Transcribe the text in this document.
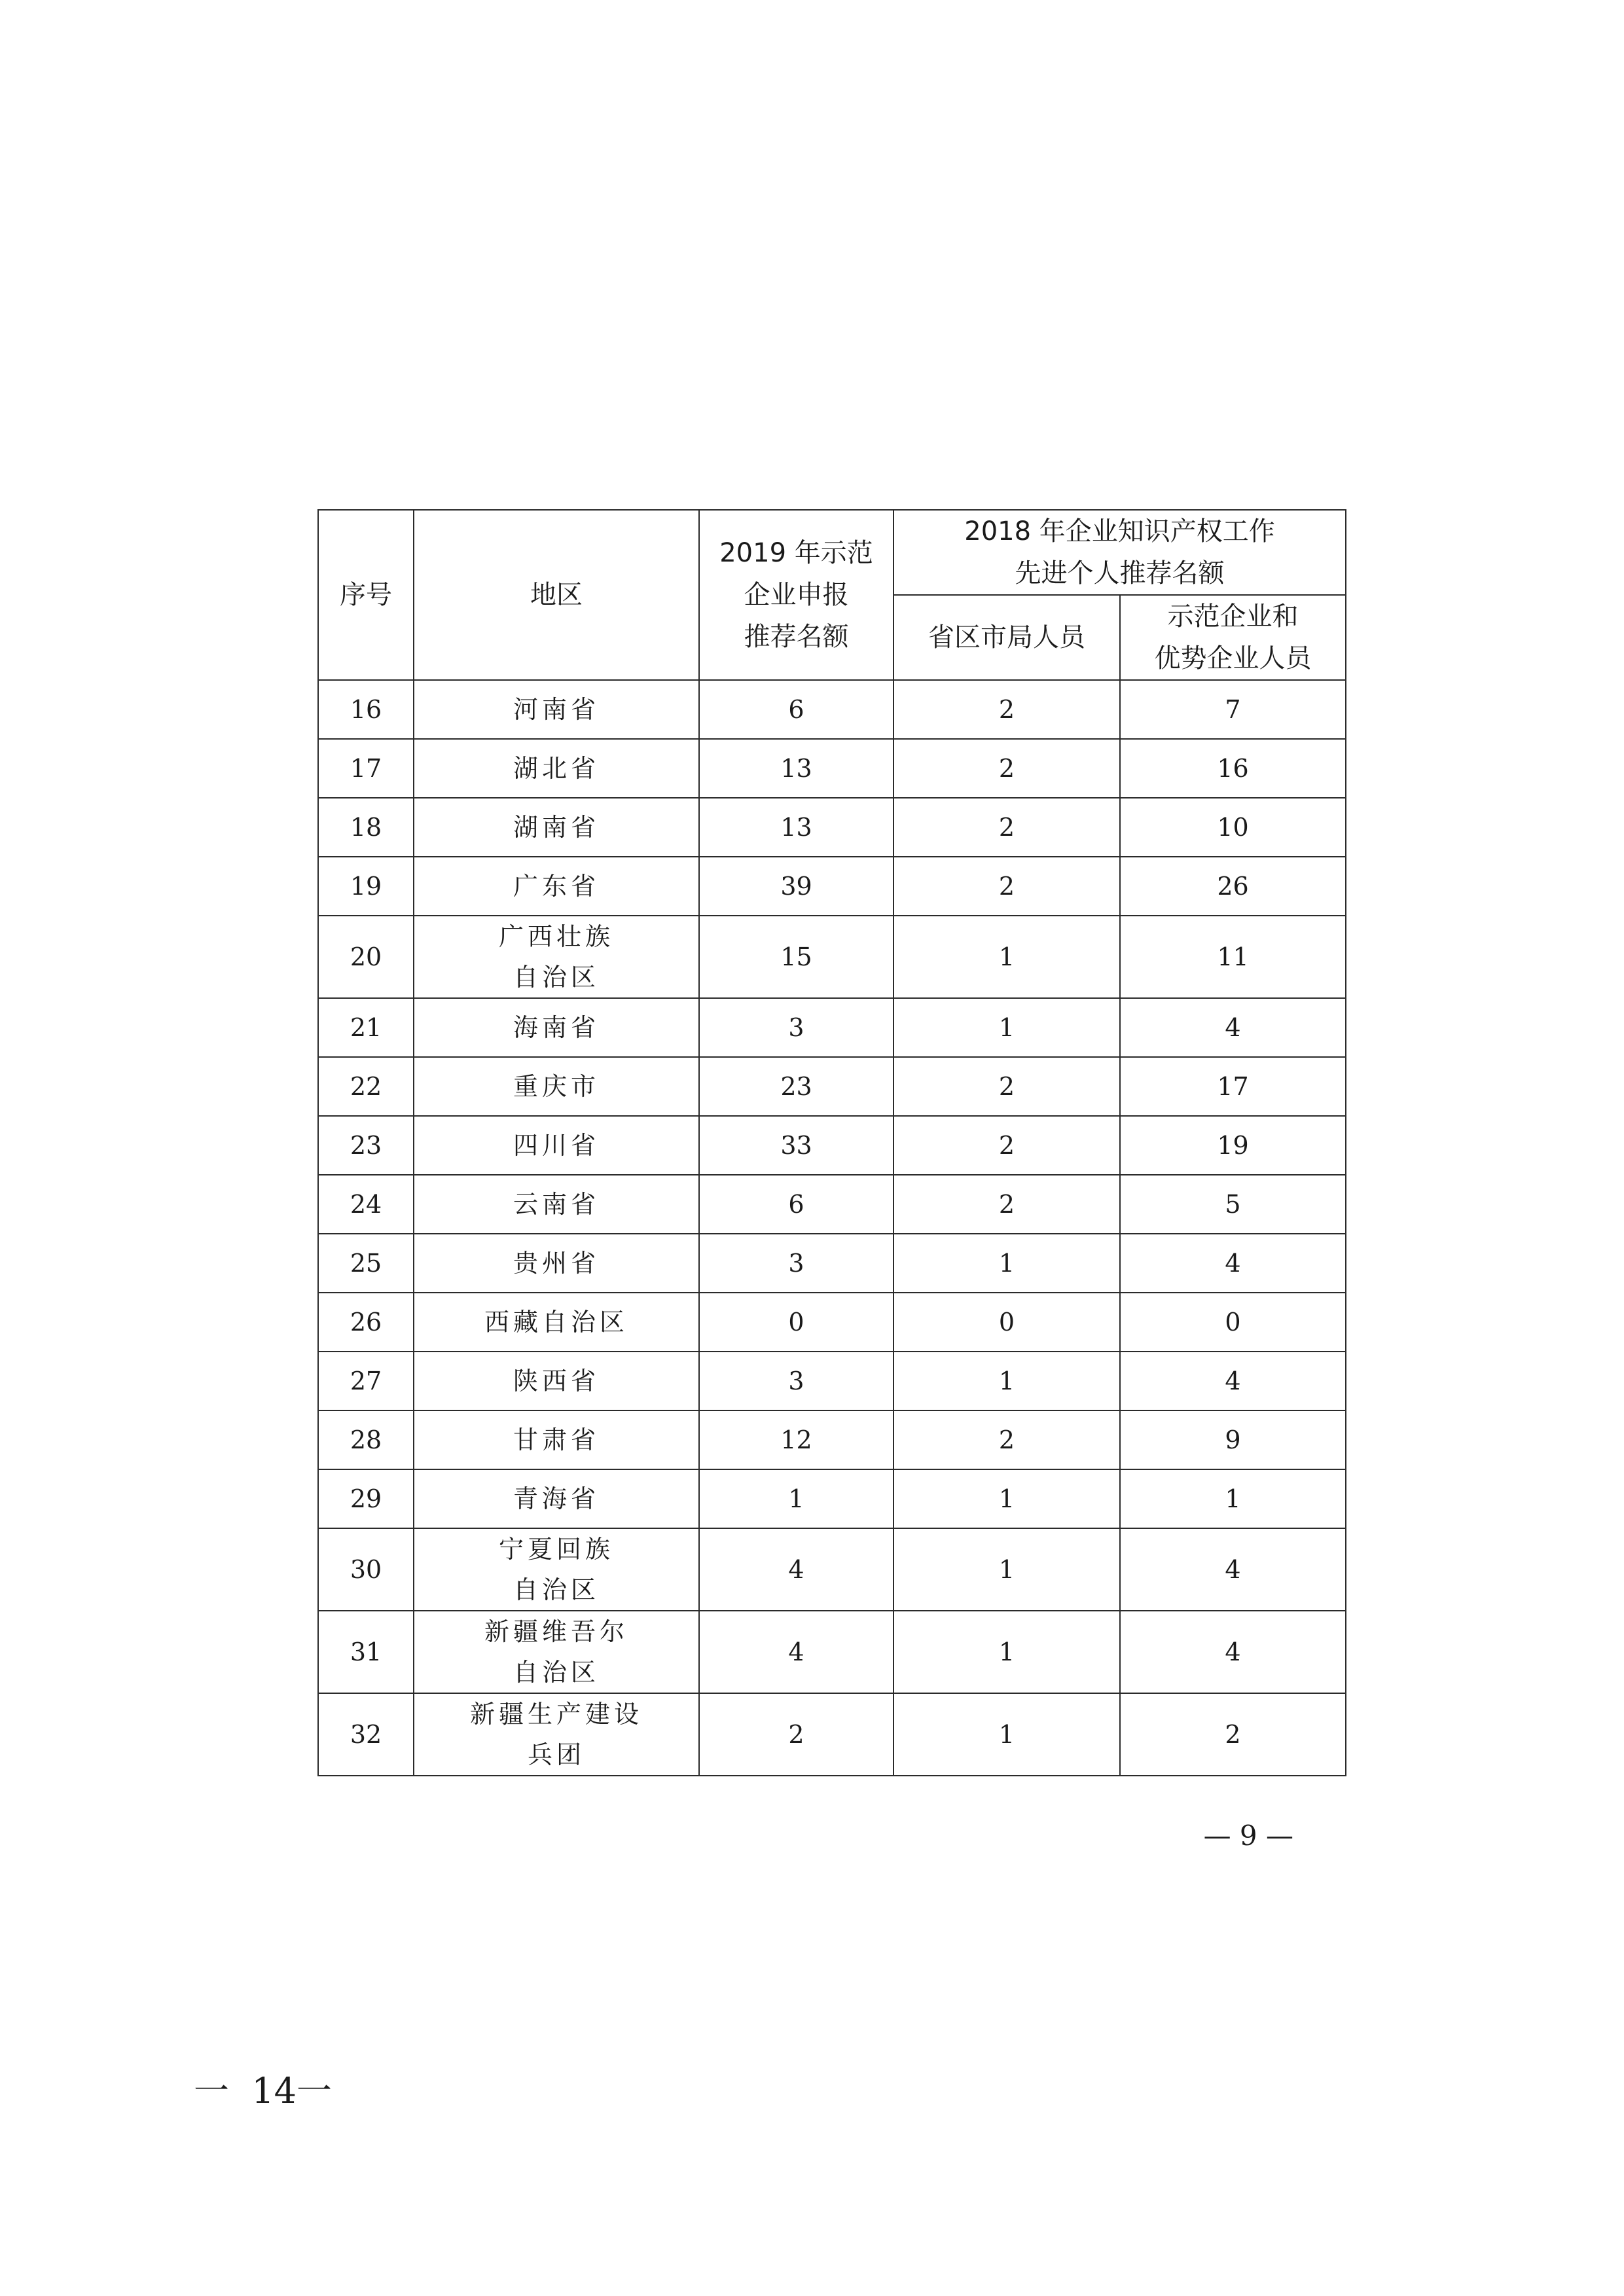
序号	地区	2019 年示范
企业申报
推荐名额	2018 年企业知识产权工作
先进个人推荐名额	
			省区市局人员	示范企业和
优势企业人员
16	河南省	6	2	7
17	湖北省	13	2	16
18	湖南省	13	2	10
19	广东省	39	2	26
20	广西壮族
自治区	15	1	11
21	海南省	3	1	4
22	重庆市	23	2	17
23	四川省	33	2	19
24	云南省	6	2	5
25	贵州省	3	1	4
26	西藏自治区	0	0	0
27	陕西省	3	1	4
28	甘肃省	12	2	9
29	青海省	1	1	1
30	宁夏回族
自治区	4	1	4
31	新疆维吾尔
自治区	4	1	4
32	新疆生产建设
兵团	2	1	2
— 9 —
一  14一
